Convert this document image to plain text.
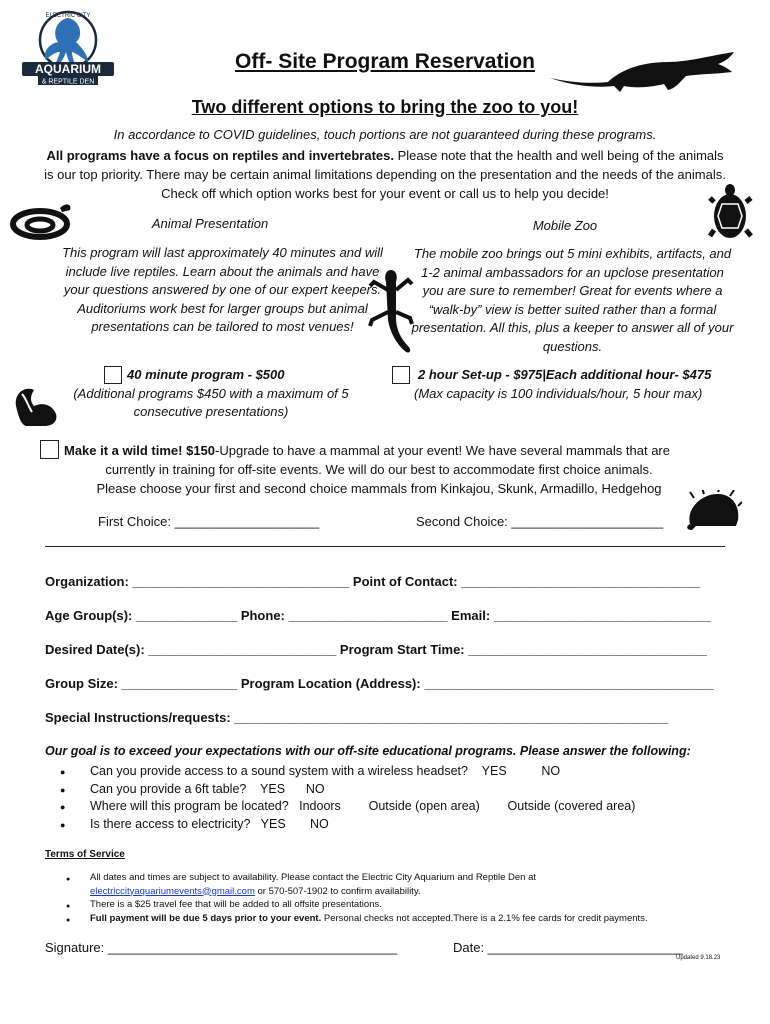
AQUARIUM
& REPTILE DEN
ELECTRIC CITY
Off- Site Program Reservation
Two different options to bring the zoo to you!
In accordance to COVID guidelines, touch portions are not guaranteed during these programs.
All programs have a focus on reptiles and invertebrates. Please note that the health and well being of the animals is our top priority. There may be certain animal limitations depending on the presentation and the needs of the animals. Check off which option works best for your event or call us to help you decide!
Animal Presentation	Mobile Zoo
This program will last approximately 40 minutes and will include live reptiles. Learn about the animals and have your questions answered by one of our expert keepers. Auditoriums work best for larger groups but animal presentations can be tailored to most venues!
The mobile zoo brings out 5 mini exhibits, artifacts, and 1-2 animal ambassadors for an upclose presentation you are sure to remember! Great for events where a “walk-by” view is better suited rather than a formal presentation. All this, plus a keeper to answer all of your questions.
40 minute program - $500
(Additional programs $450 with a maximum of 5 consecutive presentations)
2 hour Set-up - $975|Each additional hour- $475
(Max capacity is 100 individuals/hour, 5 hour max)
Make it a wild time! $150-Upgrade to have a mammal at your event! We have several mammals that are
currently in training for off-site events. We will do our best to accommodate first choice animals.
Please choose your first and second choice mammals from Kinkajou, Skunk, Armadillo, Hedgehog
First Choice: ____________________	Second Choice: _____________________
Organization: ______________________________ Point of Contact: _________________________________
Age Group(s): ______________ Phone: ______________________ Email: ______________________________
Desired Date(s): __________________________ Program Start Time: _________________________________
Group Size: ________________ Program Location (Address): ________________________________________
Special Instructions/requests: ____________________________________________________________
Our goal is to exceed your expectations with our off-site educational programs. Please answer the following:
● Can you provide access to a sound system with a wireless headset?    YES          NO
● Can you provide a 6ft table?    YES      NO
● Where will this program be located?   Indoors        Outside (open area)        Outside (covered area)
● Is there access to electricity?   YES       NO
Terms of Service
● All dates and times are subject to availability. Please contact the Electric City Aquarium and Reptile Den at
electriccityaquariumevents@gmail.com or 570-507-1902 to confirm availability.
● There is a $25 travel fee that will be added to all offsite presentations.
● Full payment will be due 5 days prior to your event. Personal checks not accepted.There is a 2.1% fee cards for credit payments.
Signature: ________________________________________	Date: ___________________________
Updated 9.18.23
